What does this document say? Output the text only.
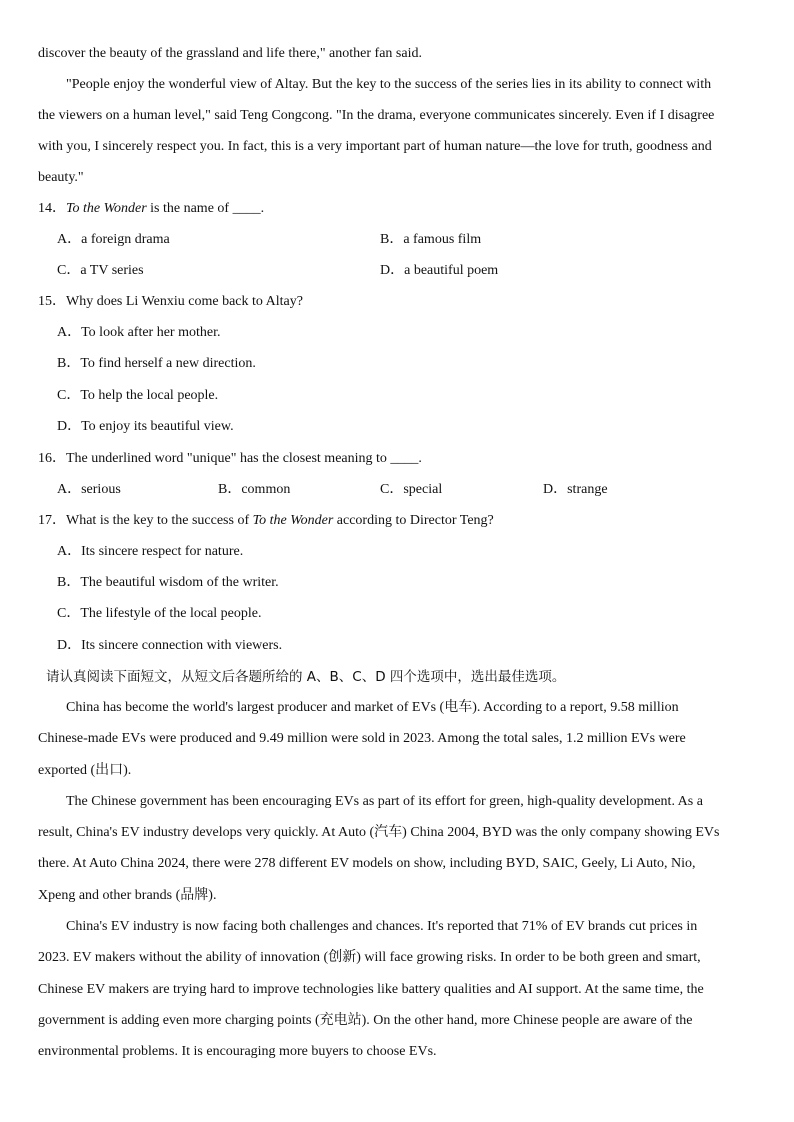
discover the beauty of the grassland and life there," another fan said.
"People enjoy the wonderful view of Altay. But the key to the success of the series lies in its ability to connect with
the viewers on a human level," said Teng Congcong. "In the drama, everyone communicates sincerely. Even if I disagree
with you, I sincerely respect you. In fact, this is a very important part of human nature—the love for truth, goodness and
beauty."
14．To the Wonder is the name of ____.
A．a foreign drama	B．a famous film
C．a TV series	D．a beautiful poem
15．Why does Li Wenxiu come back to Altay?
A．To look after her mother.
B．To find herself a new direction.
C．To help the local people.
D．To enjoy its beautiful view.
16．The underlined word "unique" has the closest meaning to ____.
A．serious	B．common	C．special	D．strange
17．What is the key to the success of To the Wonder according to Director Teng?
A．Its sincere respect for nature.
B．The beautiful wisdom of the writer.
C．The lifestyle of the local people.
D．Its sincere connection with viewers.
请认真阅读下面短文，从短文后各题所给的 A、B、C、D 四个选项中，选出最佳选项。
China has become the world's largest producer and market of EVs (电车). According to a report, 9.58 million
Chinese-made EVs were produced and 9.49 million were sold in 2023. Among the total sales, 1.2 million EVs were
exported (出口).
The Chinese government has been encouraging EVs as part of its effort for green, high-quality development. As a
result, China's EV industry develops very quickly. At Auto (汽车) China 2004, BYD was the only company showing EVs
there. At Auto China 2024, there were 278 different EV models on show, including BYD, SAIC, Geely, Li Auto, Nio,
Xpeng and other brands (品牌).
China's EV industry is now facing both challenges and chances. It's reported that 71% of EV brands cut prices in
2023. EV makers without the ability of innovation (创新) will face growing risks. In order to be both green and smart,
Chinese EV makers are trying hard to improve technologies like battery qualities and AI support. At the same time, the
government is adding even more charging points (充电站). On the other hand, more Chinese people are aware of the
environmental problems. It is encouraging more buyers to choose EVs.
